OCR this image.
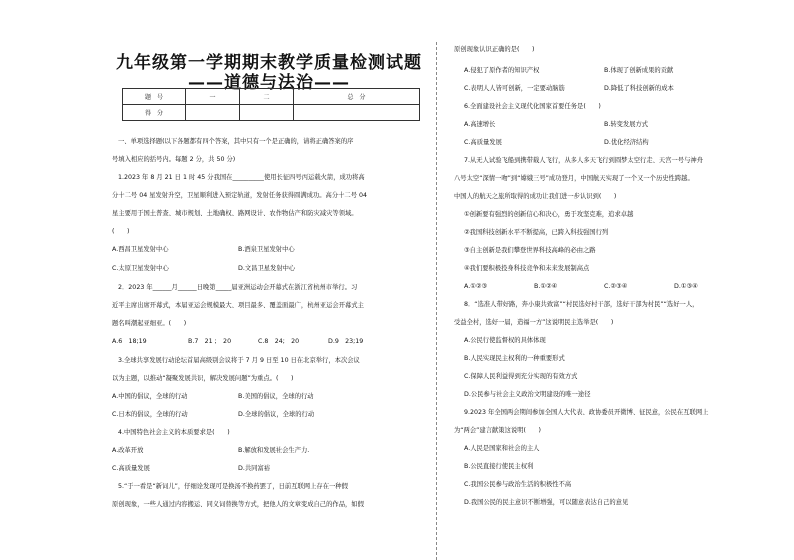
九年级第一学期期末教学质量检测试题
——道德与法治——
题　号	一	二	总　分
得　分			
一、单项选择题(以下各题都有四个答案，其中只有一个是正确的，请将正确答案的序
号填入相应的括号内。每题 2 分，共 50 分)
1.2023 年 8 月 21 日 1 时 45 分我国在__________使用长征四号丙运载火箭，成功将高
分十二号 04 星发射升空，卫星顺利进入预定轨道，发射任务获得圆满成功。高分十二号 04
星主要用于国土普查、城市规划、土地确权、路网设计、农作物估产和防灾减灾等领域。
(　　)
A.西昌卫星发射中心	B.酒泉卫星发射中心
C.太原卫星发射中心	D.文昌卫星发射中心
2．2023 年______月______日晚第_____届亚洲运动会开幕式在浙江省杭州市举行。习
近平主席出席开幕式，本届亚运会规模最大、项目最多、覆盖面最广，杭州亚运会开幕式主
题名叫潮起亚细亚。(　　)
A.6　18;19	B.7　21 ;　20	C.8　24;　20	D.9　23;19
3.全球共享发展行动论坛首届高级别会议将于 7 月 9 日至 10 日在北京举行，本次会议
以为主题，以推动“凝聚发展共识，解决发展问题”为重点。(　　)
A.中国的倡议，全球的行动	B.美国的倡议，全球的行动
C.日本的倡议，全球的行动	D.全球的倡议，全球的行动
4.中国特色社会主义的本质要求是(　　)
A.改革开放	B.解放和发展社会生产力.
C.高质量发展	D.共同富裕
5.“于一看是“新词儿”，仔细诠发现可是换汤不换药罢了，日前互联网上存在一种假
原创现象，一些人通过内容搬运、同义词替换等方式，把他人的文章变成自己的作品，如假
原创现象认识正确的是(　　)
A.侵犯了原作者的知识产权	B.体现了创新成果的贡献
C.表明人人皆可创新，一定要动脑筋	D.降低了科技创新的成本
6.全面建设社会主义现代化国家首要任务是(　　)
A.高速增长	B.转变发展方式
C.高质量发展	D.优化经济结构
7.从无人试验飞船到携带载人飞行，从多人多天飞行到圆梦太空行走、天宫一号与神舟
八号太空“深情一吻”到“嫦娥三号”成功登月，中国航天实现了一个又一个历史性跨越。
中国人的航天之旅所取得的成功让我们进一步认识到(　　)
①创新要有强烈的创新信心和决心，勇于攻坚克难，追求卓越
②我国科技创新水平不断提高，已跨入科技强国行列
③自主创新是我们攀登世界科技高峰的必由之路
④我们要积极投身科技竞争和未来发展制高点
A.①②③	B.①②④	C.②③④	D.①③④
8．“选准人带好路，奔小康共致富”“村民选好村干部，选好干部为村民”“选好一人，
受益全村，选好一届，造福一方”这说明民主选举是(　　)
A.公民行使监督权的具体体现
B.人民实现民主权利的一种重要形式
C.保障人民利益得到充分实现的有效方式
D.公民参与社会主义政治文明建设的唯一途径
9.2023 年全国两会期间参加全国人大代表、政协委员开微博、征民意，公民在互联网上
为“两会”建言献策这说明(　　)
A.人民是国家和社会的主人
B.公民直接行使民主权利
C.我国公民参与政治生活的积极性不高
D.我国公民的民主意识不断增强，可以随意表达自己的意见
